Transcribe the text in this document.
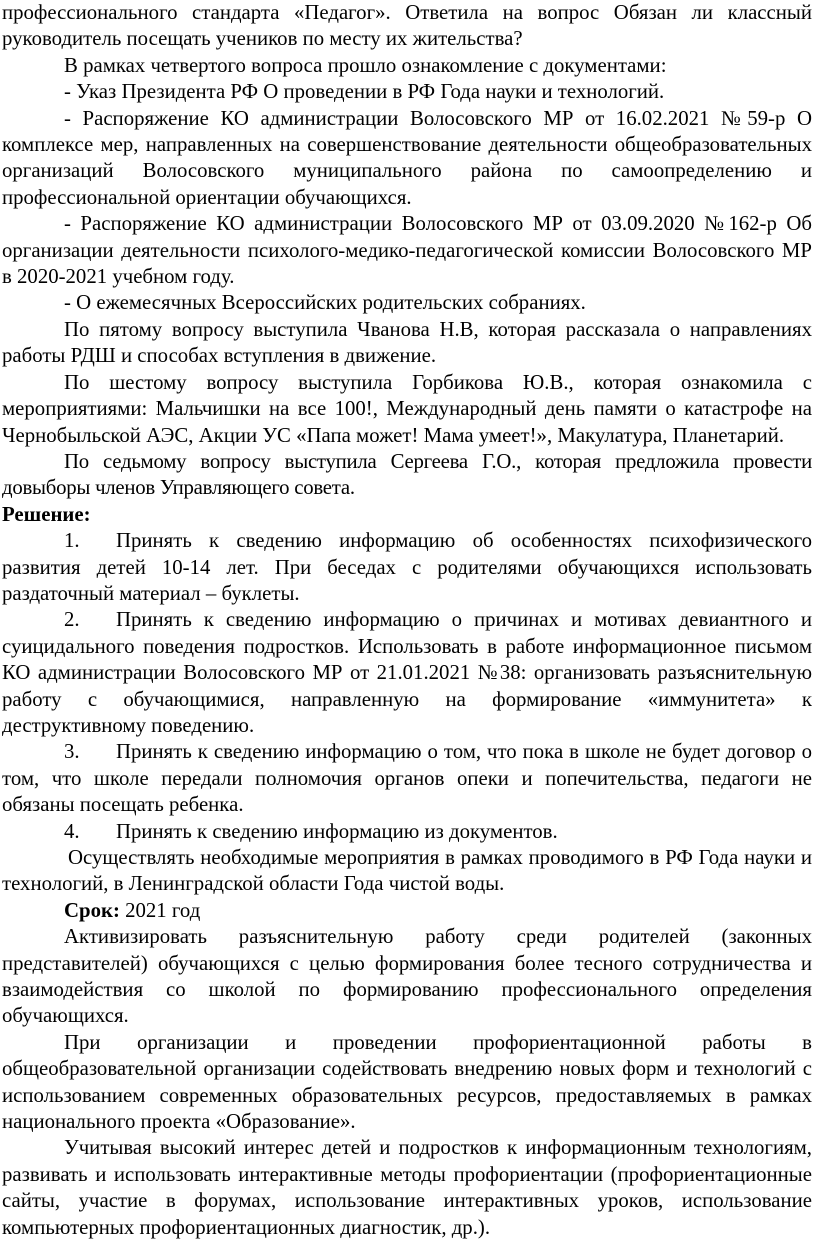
профессионального стандарта «Педагог». Ответила на вопрос Обязан ли классный руководитель посещать учеников по месту их жительства?

В рамках четвертого вопроса прошло ознакомление с документами:

- Указ Президента РФ О проведении в РФ Года науки и технологий.

- Распоряжение КО администрации Волосовского МР от 16.02.2021 №59-р О комплексе мер, направленных на совершенствование деятельности общеобразовательных организаций Волосовского муниципального района по самоопределению и профессиональной ориентации обучающихся.

- Распоряжение КО администрации Волосовского МР от 03.09.2020 №162-р Об организации деятельности психолого-медико-педагогической комиссии Волосовского МР в 2020-2021 учебном году.

- О ежемесячных Всероссийских родительских собраниях.

По пятому вопросу выступила Чванова Н.В, которая рассказала о направлениях работы РДШ и способах вступления в движение.

По шестому вопросу выступила Горбикова Ю.В., которая ознакомила с мероприятиями: Мальчишки на все 100!, Международный день памяти о катастрофе на Чернобыльской АЭС, Акции УС «Папа может! Мама умеет!», Макулатура, Планетарий.

По седьмому вопросу выступила Сергеева Г.О., которая предложила провести довыборы членов Управляющего совета.

Решение:

1. Принять к сведению информацию об особенностях психофизического развития детей 10-14 лет. При беседах с родителями обучающихся использовать раздаточный материал – буклеты.

2. Принять к сведению информацию о причинах и мотивах девиантного и суицидального поведения подростков. Использовать в работе информационное письмом КО администрации Волосовского МР от 21.01.2021 №38: организовать разъяснительную работу с обучающимися, направленную на формирование «иммунитета» к деструктивному поведению.

3. Принять к сведению информацию о том, что пока в школе не будет договор о том, что школе передали полномочия органов опеки и попечительства, педагоги не обязаны посещать ребенка.

4. Принять к сведению информацию из документов.

Осуществлять необходимые мероприятия в рамках проводимого в РФ Года науки и технологий, в Ленинградской области Года чистой воды.

Срок: 2021 год

Активизировать разъяснительную работу среди родителей (законных представителей) обучающихся с целью формирования более тесного сотрудничества и взаимодействия со школой по формированию профессионального определения обучающихся.

При организации и проведении профориентационной работы в общеобразовательной организации содействовать внедрению новых форм и технологий с использованием современных образовательных ресурсов, предоставляемых в рамках национального проекта «Образование».

Учитывая высокий интерес детей и подростков к информационным технологиям, развивать и использовать интерактивные методы профориентации (профориентационные сайты, участие в форумах, использование интерактивных уроков, использование компьютерных профориентационных диагностик, др.).
